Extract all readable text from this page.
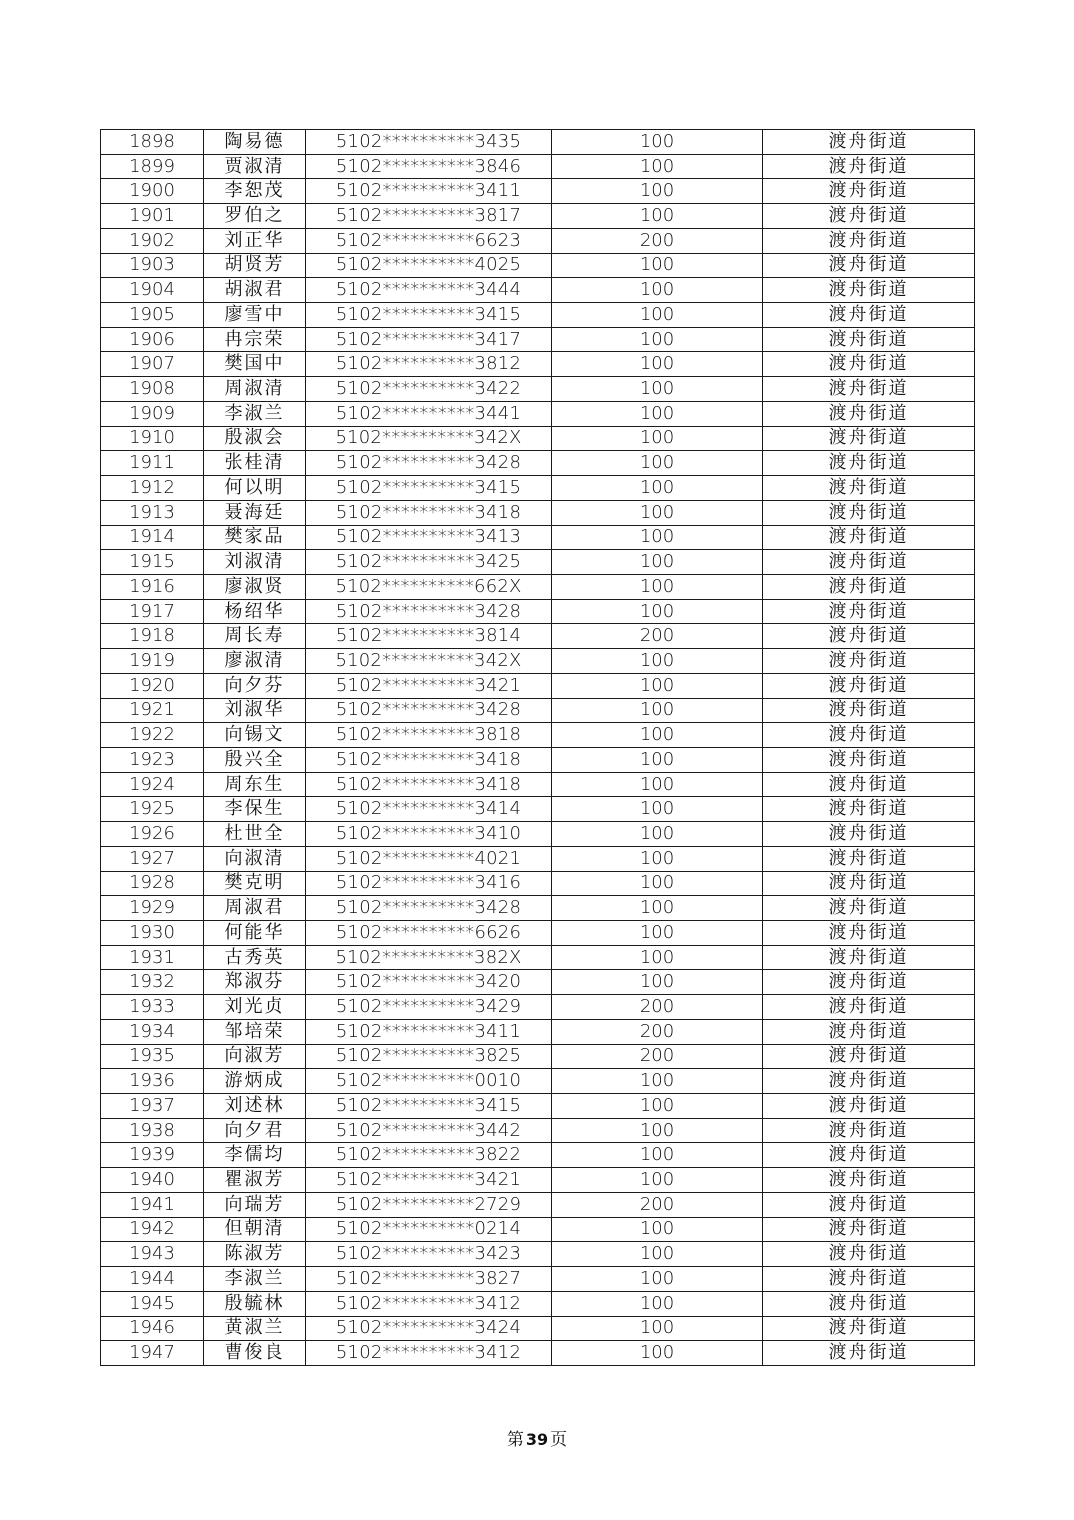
1898	陶易德	5102**********3435	100	渡舟街道
1899	贾淑清	5102**********3846	100	渡舟街道
1900	李恕茂	5102**********3411	100	渡舟街道
1901	罗伯之	5102**********3817	100	渡舟街道
1902	刘正华	5102**********6623	200	渡舟街道
1903	胡贤芳	5102**********4025	100	渡舟街道
1904	胡淑君	5102**********3444	100	渡舟街道
1905	廖雪中	5102**********3415	100	渡舟街道
1906	冉宗荣	5102**********3417	100	渡舟街道
1907	樊国中	5102**********3812	100	渡舟街道
1908	周淑清	5102**********3422	100	渡舟街道
1909	李淑兰	5102**********3441	100	渡舟街道
1910	殷淑会	5102**********342X	100	渡舟街道
1911	张桂清	5102**********3428	100	渡舟街道
1912	何以明	5102**********3415	100	渡舟街道
1913	聂海廷	5102**********3418	100	渡舟街道
1914	樊家品	5102**********3413	100	渡舟街道
1915	刘淑清	5102**********3425	100	渡舟街道
1916	廖淑贤	5102**********662X	100	渡舟街道
1917	杨绍华	5102**********3428	100	渡舟街道
1918	周长寿	5102**********3814	200	渡舟街道
1919	廖淑清	5102**********342X	100	渡舟街道
1920	向夕芬	5102**********3421	100	渡舟街道
1921	刘淑华	5102**********3428	100	渡舟街道
1922	向锡文	5102**********3818	100	渡舟街道
1923	殷兴全	5102**********3418	100	渡舟街道
1924	周东生	5102**********3418	100	渡舟街道
1925	李保生	5102**********3414	100	渡舟街道
1926	杜世全	5102**********3410	100	渡舟街道
1927	向淑清	5102**********4021	100	渡舟街道
1928	樊克明	5102**********3416	100	渡舟街道
1929	周淑君	5102**********3428	100	渡舟街道
1930	何能华	5102**********6626	100	渡舟街道
1931	古秀英	5102**********382X	100	渡舟街道
1932	郑淑芬	5102**********3420	100	渡舟街道
1933	刘光贞	5102**********3429	200	渡舟街道
1934	邹培荣	5102**********3411	200	渡舟街道
1935	向淑芳	5102**********3825	200	渡舟街道
1936	游炳成	5102**********0010	100	渡舟街道
1937	刘述林	5102**********3415	100	渡舟街道
1938	向夕君	5102**********3442	100	渡舟街道
1939	李儒均	5102**********3822	100	渡舟街道
1940	瞿淑芳	5102**********3421	100	渡舟街道
1941	向瑞芳	5102**********2729	200	渡舟街道
1942	但朝清	5102**********0214	100	渡舟街道
1943	陈淑芳	5102**********3423	100	渡舟街道
1944	李淑兰	5102**********3827	100	渡舟街道
1945	殷毓林	5102**********3412	100	渡舟街道
1946	黄淑兰	5102**********3424	100	渡舟街道
1947	曹俊良	5102**********3412	100	渡舟街道
第 39 页
